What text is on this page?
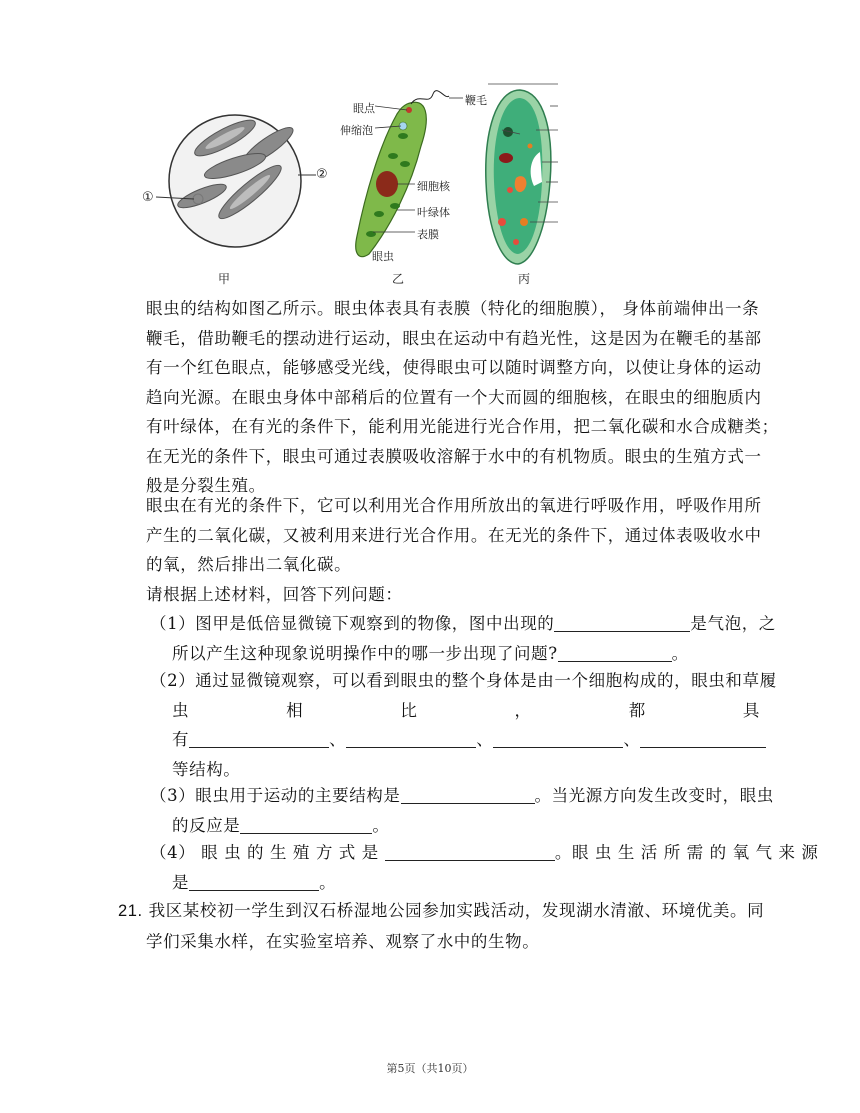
①
②
甲
眼点
伸缩泡
鞭毛
细胞核
叶绿体
表膜
眼虫
乙	丙
眼虫的结构如图乙所示。眼虫体表具有表膜（特化的细胞膜）， 身体前端伸出一条
鞭毛，借助鞭毛的摆动进行运动，眼虫在运动中有趋光性，这是因为在鞭毛的基部
有一个红色眼点，能够感受光线，使得眼虫可以随时调整方向，以使让身体的运动
趋向光源。在眼虫身体中部稍后的位置有一个大而圆的细胞核，在眼虫的细胞质内
有叶绿体，在有光的条件下，能利用光能进行光合作用，把二氧化碳和水合成糖类；
在无光的条件下，眼虫可通过表膜吸收溶解于水中的有机物质。眼虫的生殖方式一
般是分裂生殖。
眼虫在有光的条件下，它可以利用光合作用所放出的氧进行呼吸作用，呼吸作用所
产生的二氧化碳，又被利用来进行光合作用。在无光的条件下，通过体表吸收水中
的氧，然后排出二氧化碳。
请根据上述材料，回答下列问题：
（1）图甲是低倍显微镜下观察到的物像，图中出现的	是气泡，之
所以产生这种现象说明操作中的哪一步出现了问题?	。
（2）通过显微镜观察，可以看到眼虫的整个身体是由一个细胞构成的，眼虫和草履
虫	相	比	，	都	具
有	、	、	、
等结构。
（3）眼虫用于运动的主要结构是	。当光源方向发生改变时，眼虫
的反应是	。
（4） 眼 虫 的 生 殖 方 式 是	。眼 虫 生 活 所 需 的 氧 气 来 源
是	。
21. 我区某校初一学生到汉石桥湿地公园参加实践活动，发现湖水清澈、环境优美。同
学们采集水样，在实验室培养、观察了水中的生物。
第5页（共10页）
